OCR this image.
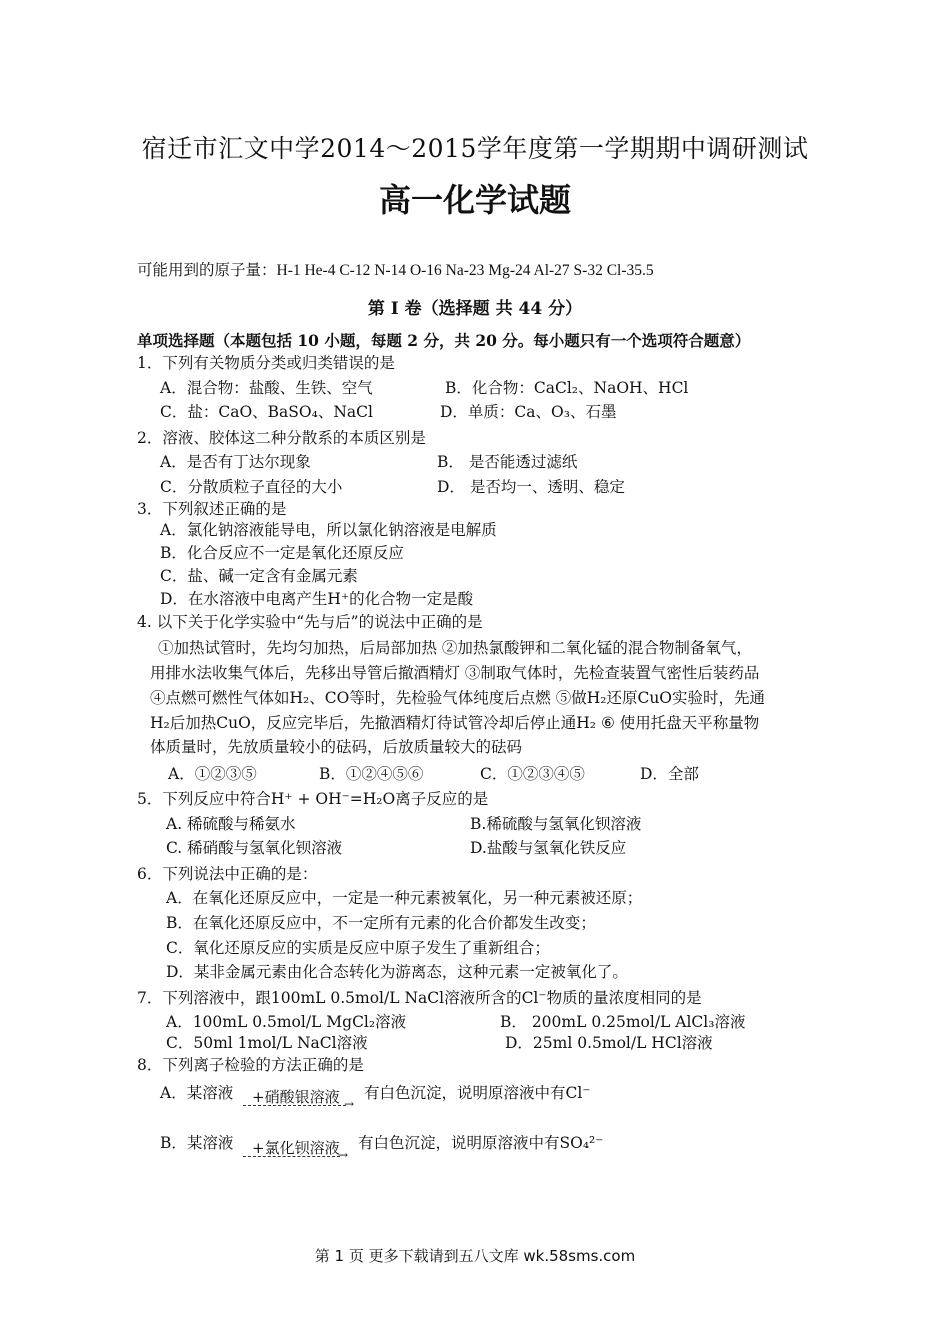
宿迁市汇文中学2014～2015学年度第一学期期中调研测试
高一化学试题
可能用到的原子量：H-1 He-4 C-12 N-14 O-16 Na-23 Mg-24 Al-27 S-32 Cl-35.5
第 I 卷（选择题 共 44 分）
单项选择题（本题包括 10 小题，每题 2 分，共 20 分。每小题只有一个选项符合题意）
1．下列有关物质分类或归类错误的是
A．混合物：盐酸、生铁、空气	B．化合物：CaCl₂、NaOH、HCl
C．盐：CaO、BaSO₄、NaCl	D．单质：Ca、O₃、石墨
2．溶液、胶体这二种分散系的本质区别是
A．是否有丁达尔现象	B． 是否能透过滤纸
C．分散质粒子直径的大小	D． 是否均一、透明、稳定
3．下列叙述正确的是
A．氯化钠溶液能导电，所以氯化钠溶液是电解质
B．化合反应不一定是氧化还原反应
C．盐、碱一定含有金属元素
D．在水溶液中电离产生H⁺的化合物一定是酸
4. 以下关于化学实验中“先与后”的说法中正确的是
①加热试管时，先均匀加热，后局部加热 ②加热氯酸钾和二氧化锰的混合物制备氧气，
用排水法收集气体后，先移出导管后撤酒精灯 ③制取气体时，先检查装置气密性后装药品
④点燃可燃性气体如H₂、CO等时，先检验气体纯度后点燃 ⑤做H₂还原CuO实验时，先通
H₂后加热CuO，反应完毕后，先撤酒精灯待试管冷却后停止通H₂ ⑥ 使用托盘天平称量物
体质量时，先放质量较小的砝码，后放质量较大的砝码
A．①②③⑤	B．①②④⑤⑥	C．①②③④⑤	D．全部
5．下列反应中符合H⁺ + OH⁻=H₂O离子反应的是
A. 稀硫酸与稀氨水	B.稀硫酸与氢氧化钡溶液
C. 稀硝酸与氢氧化钡溶液	D.盐酸与氢氧化铁反应
6．下列说法中正确的是：
A．在氧化还原反应中，一定是一种元素被氧化，另一种元素被还原；
B．在氧化还原反应中，不一定所有元素的化合价都发生改变；
C．氧化还原反应的实质是反应中原子发生了重新组合；
D．某非金属元素由化合态转化为游离态，这种元素一定被氧化了。
7．下列溶液中，跟100mL 0.5mol/L NaCl溶液所含的Cl⁻物质的量浓度相同的是
A．100mL 0.5mol/L MgCl₂溶液	B． 200mL 0.25mol/L AlCl₃溶液
C．50ml 1mol/L NaCl溶液	D．25ml 0.5mol/L HCl溶液
8．下列离子检验的方法正确的是
A．某溶液 +硝酸银溶液 →
有白色沉淀，说明原溶液中有Cl⁻
B．某溶液 +氯化钡溶液
→
有白色沉淀，说明原溶液中有SO₄²⁻
第 1 页 更多下载请到五八文库 wk.58sms.com
